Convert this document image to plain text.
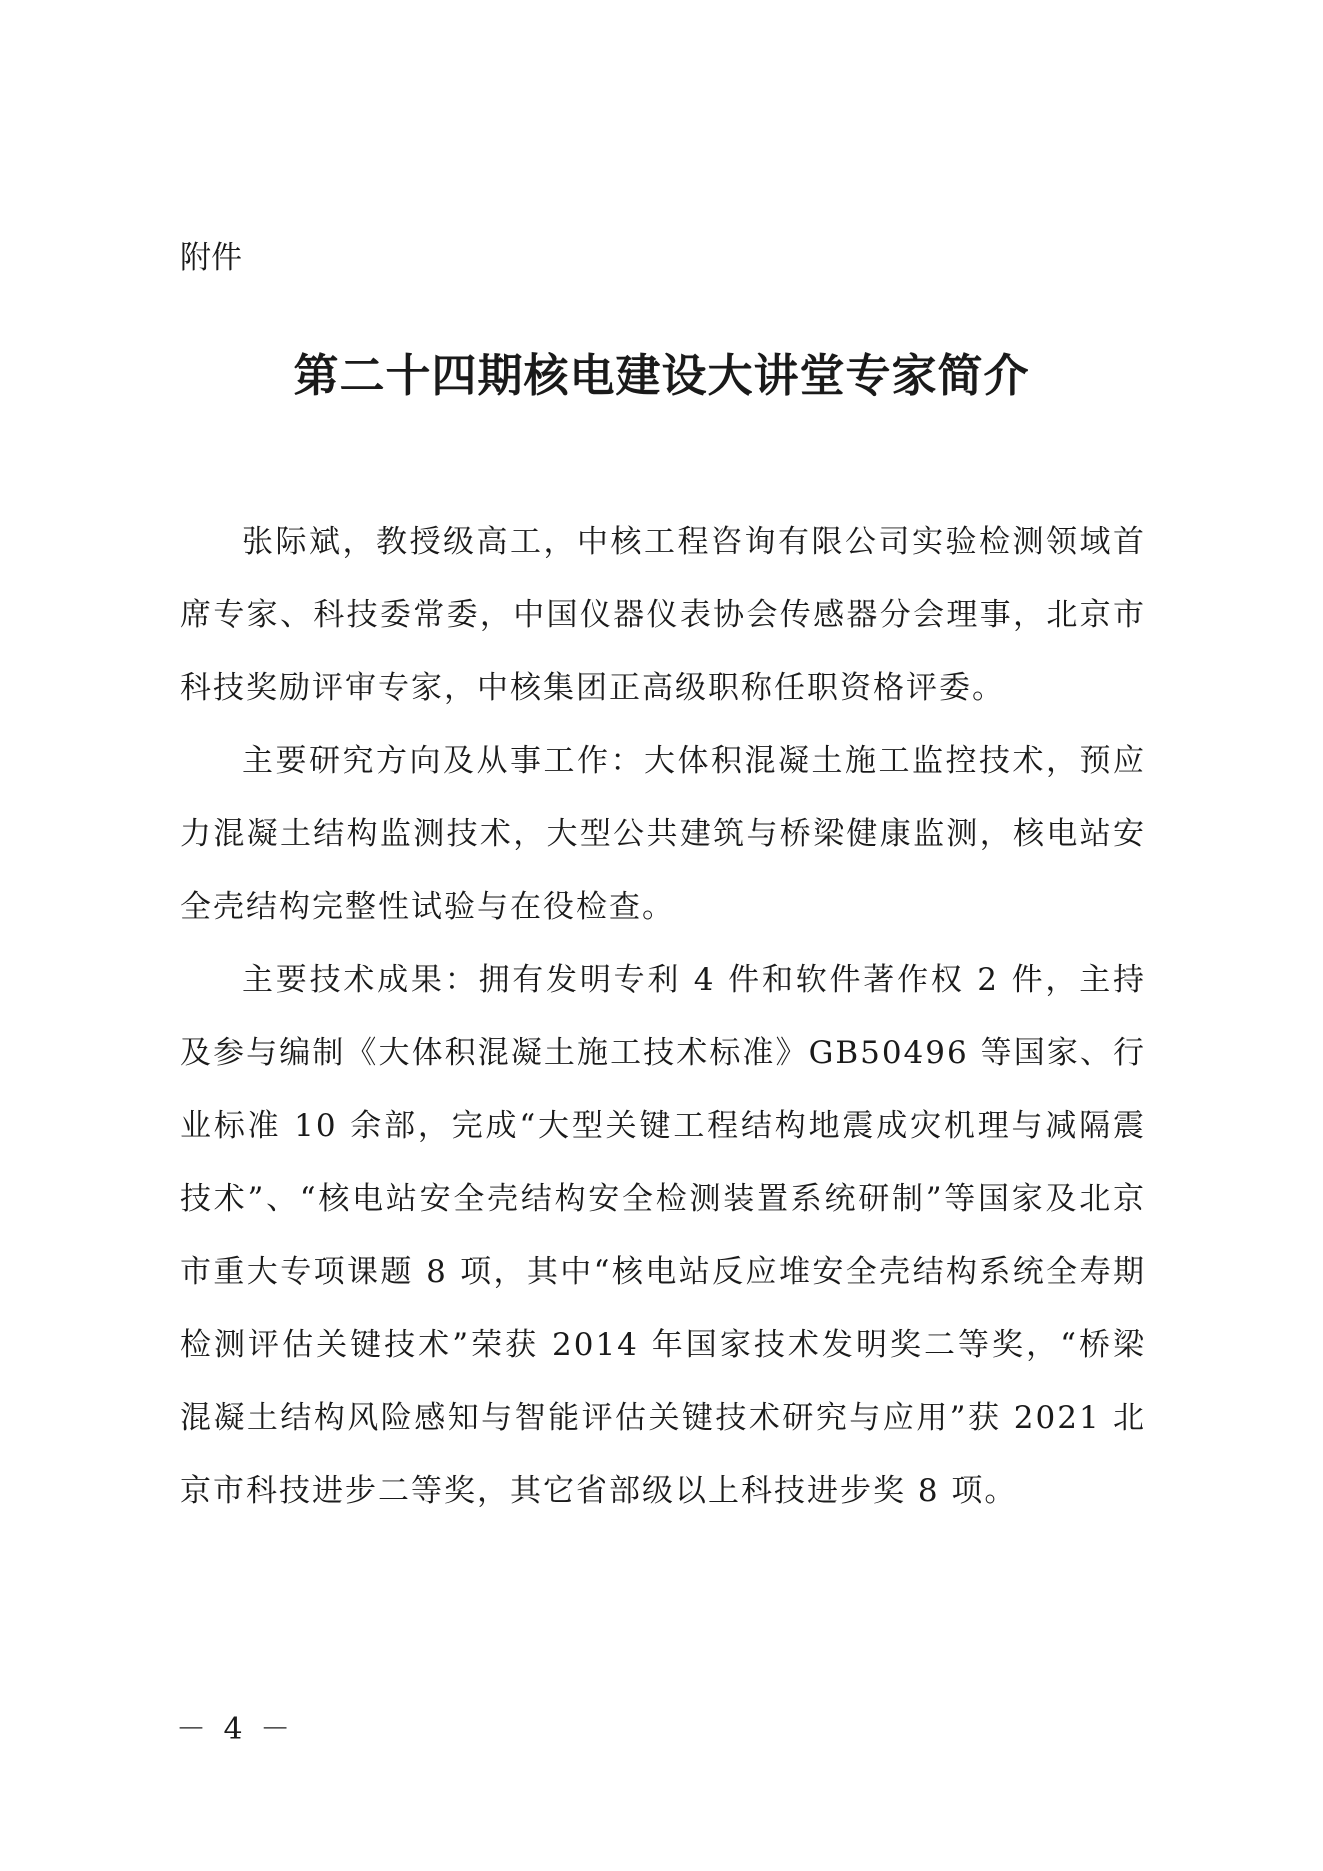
附件
第二十四期核电建设大讲堂专家简介

张际斌，教授级高工，中核工程咨询有限公司实验检测领域首席专家、科技委常委，中国仪器仪表协会传感器分会理事，北京市科技奖励评审专家，中核集团正高级职称任职资格评委。

主要研究方向及从事工作：大体积混凝土施工监控技术，预应力混凝土结构监测技术，大型公共建筑与桥梁健康监测，核电站安全壳结构完整性试验与在役检查。

主要技术成果：拥有发明专利 4 件和软件著作权 2 件，主持及参与编制《大体积混凝土施工技术标准》GB50496 等国家、行业标准 10 余部，完成“大型关键工程结构地震成灾机理与减隔震技术”、“核电站安全壳结构安全检测装置系统研制”等国家及北京市重大专项课题 8 项，其中“核电站反应堆安全壳结构系统全寿期检测评估关键技术”荣获 2014 年国家技术发明奖二等奖，“桥梁混凝土结构风险感知与智能评估关键技术研究与应用”获 2021 北京市科技进步二等奖，其它省部级以上科技进步奖 8 项。

－ 4 －
